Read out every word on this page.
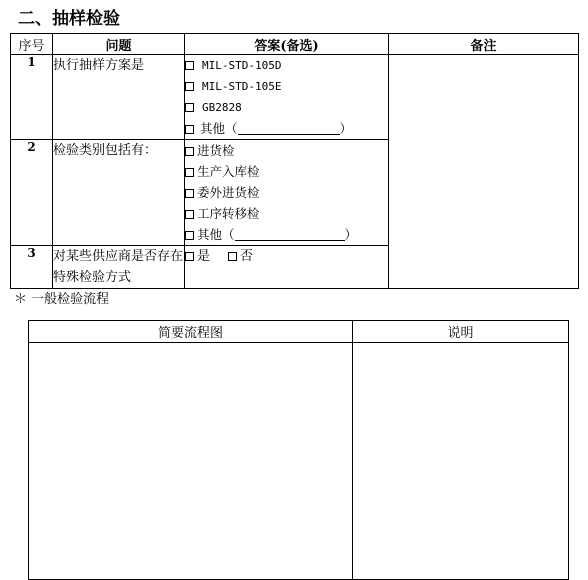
二、抽样检验
序号	问题	答案(备选)	备注
1	执行抽样方案是	MIL-STD-105D
MIL-STD-105E
GB2828
其他（ ）	

2	检验类别包括有：	进货检
生产入库检
委外进货检
工序转移检
其他（ ）	

3	对某些供应商是否存在特殊检验方式	是 否	

＊ 一般检验流程

简要流程图	说明
